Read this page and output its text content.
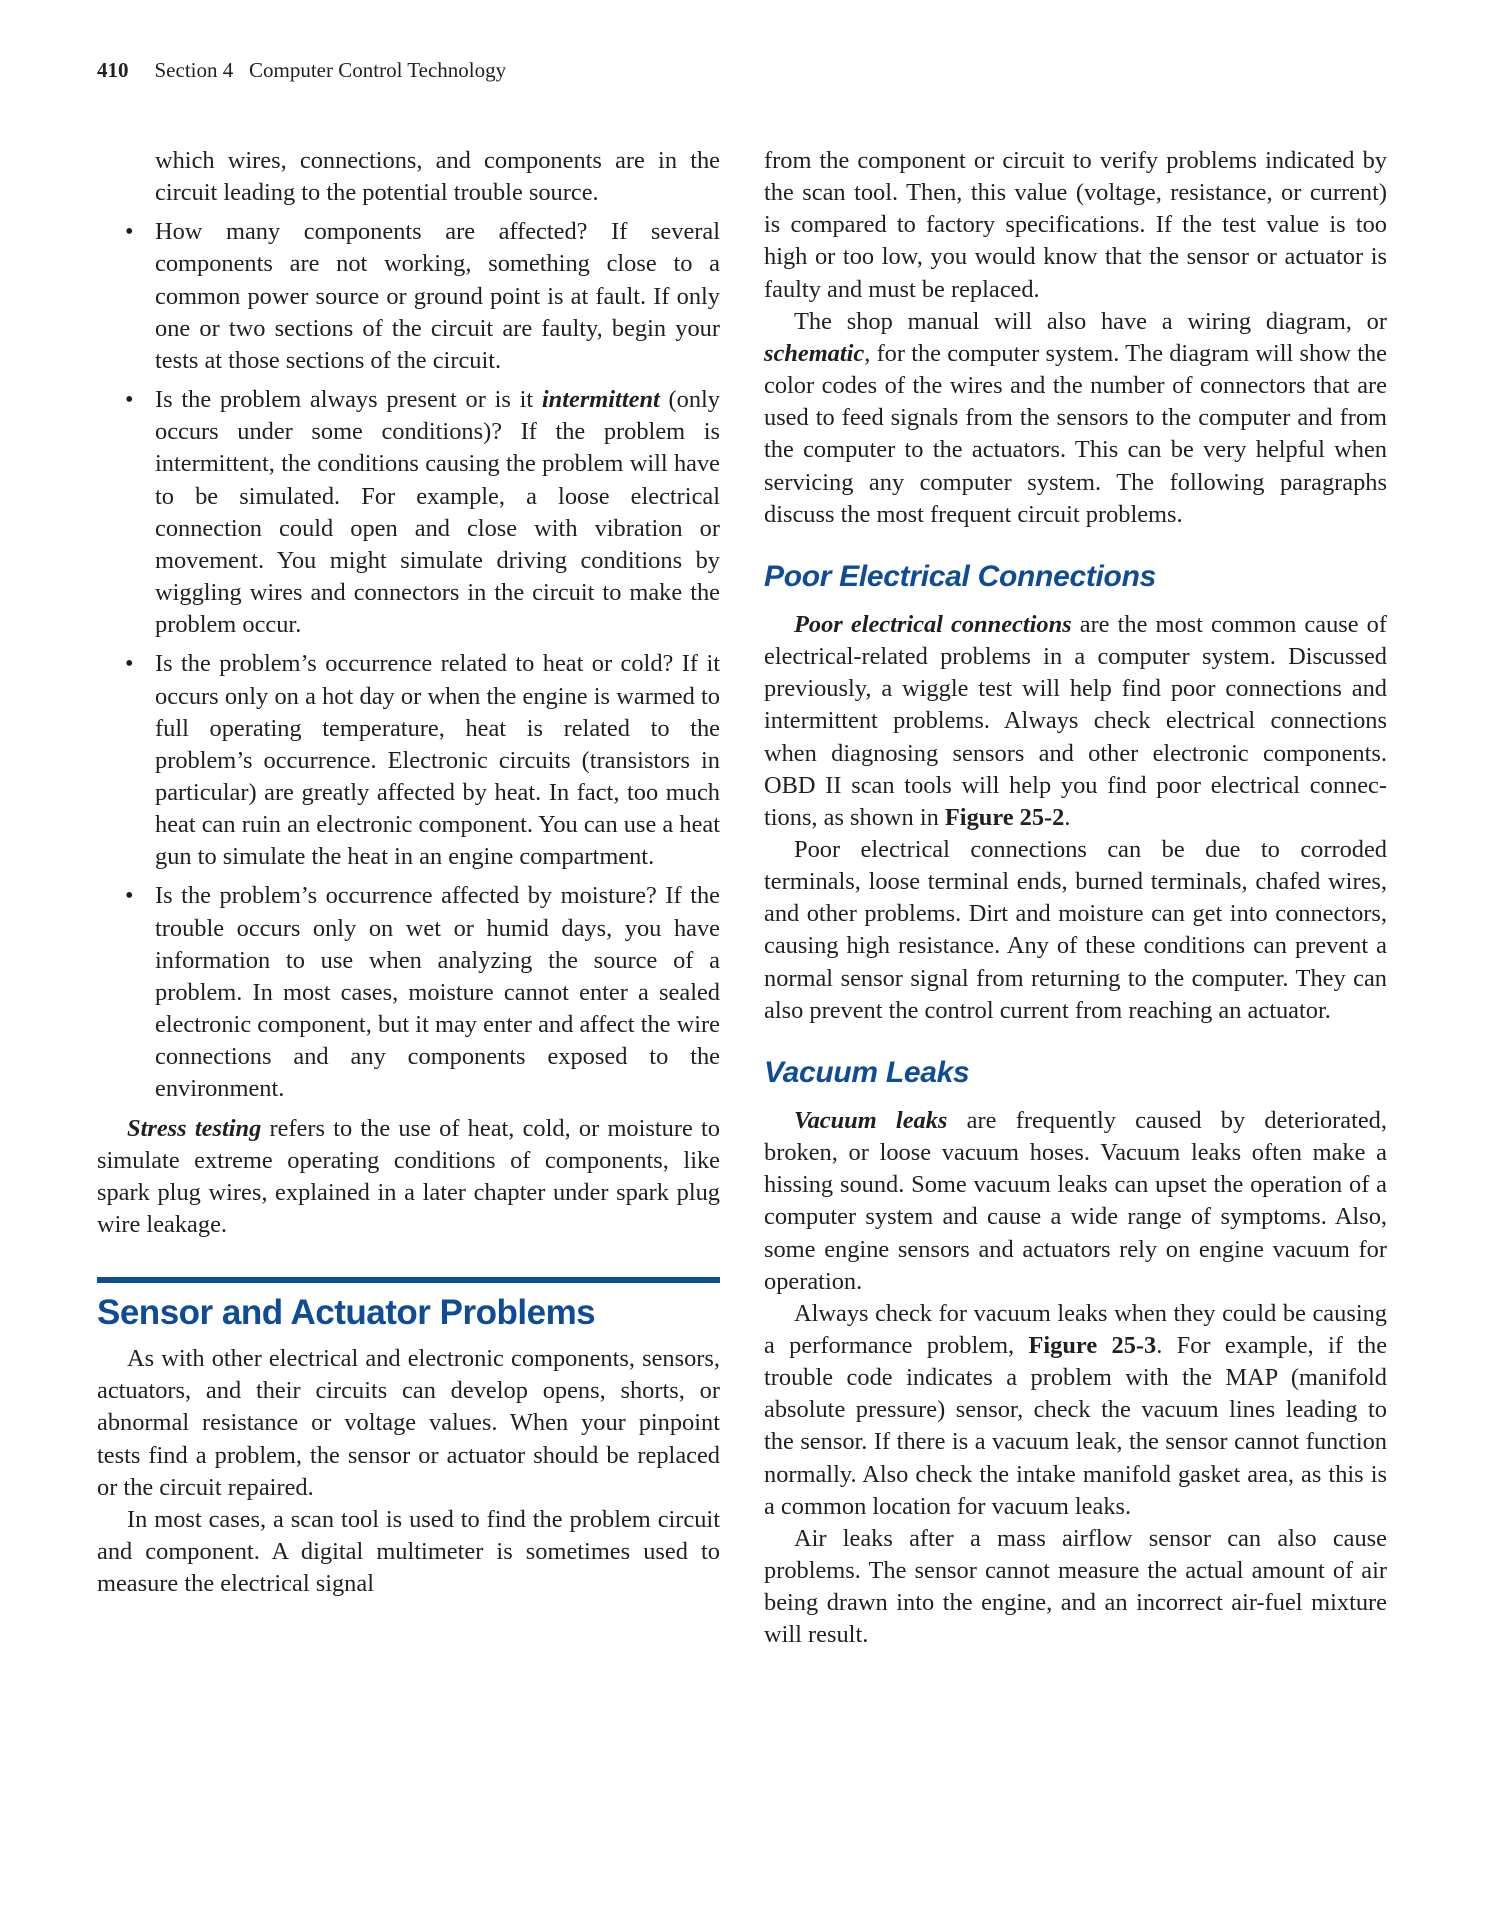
410 Section 4 Computer Control Technology

which wires, connections, and components are in the circuit leading to the potential trouble source.

• How many components are affected? If several components are not working, something close to a common power source or ground point is at fault. If only one or two sections of the circuit are faulty, begin your tests at those sections of the circuit.

• Is the problem always present or is it intermittent (only occurs under some conditions)? If the problem is intermittent, the conditions causing the problem will have to be simulated. For example, a loose electrical connection could open and close with vibration or movement. You might simulate driving conditions by wiggling wires and connectors in the circuit to make the problem occur.

• Is the problem’s occurrence related to heat or cold? If it occurs only on a hot day or when the engine is warmed to full operating temperature, heat is related to the problem’s occurrence. Electronic circuits (transistors in particular) are greatly affected by heat. In fact, too much heat can ruin an electronic component. You can use a heat gun to simulate the heat in an engine compartment.

• Is the problem’s occurrence affected by moisture? If the trouble occurs only on wet or humid days, you have information to use when analyzing the source of a problem. In most cases, moisture cannot enter a sealed electronic component, but it may enter and affect the wire connections and any components exposed to the environment.

Stress testing refers to the use of heat, cold, or moisture to simulate extreme operating conditions of components, like spark plug wires, explained in a later chapter under spark plug wire leakage.

Sensor and Actuator Problems

As with other electrical and electronic components, sensors, actuators, and their circuits can develop opens, shorts, or abnormal resistance or voltage values. When your pinpoint tests find a problem, the sensor or actuator should be replaced or the circuit repaired.

In most cases, a scan tool is used to find the problem circuit and component. A digital multimeter is sometimes used to measure the electrical signal

from the component or circuit to verify problems indicated by the scan tool. Then, this value (voltage, resistance, or current) is compared to factory specifications. If the test value is too high or too low, you would know that the sensor or actuator is faulty and must be replaced.

The shop manual will also have a wiring diagram, or schematic, for the computer system. The diagram will show the color codes of the wires and the number of connectors that are used to feed signals from the sensors to the computer and from the computer to the actuators. This can be very helpful when servicing any computer system. The following paragraphs discuss the most frequent circuit problems.

Poor Electrical Connections

Poor electrical connections are the most common cause of electrical-related problems in a computer system. Discussed previously, a wiggle test will help find poor connections and intermittent problems. Always check electrical connections when diagnosing sensors and other electronic components. OBD II scan tools will help you find poor electrical connections, as shown in Figure 25-2.

Poor electrical connections can be due to corroded terminals, loose terminal ends, burned terminals, chafed wires, and other problems. Dirt and moisture can get into connectors, causing high resistance. Any of these conditions can prevent a normal sensor signal from returning to the computer. They can also prevent the control current from reaching an actuator.

Vacuum Leaks

Vacuum leaks are frequently caused by deteriorated, broken, or loose vacuum hoses. Vacuum leaks often make a hissing sound. Some vacuum leaks can upset the operation of a computer system and cause a wide range of symptoms. Also, some engine sensors and actuators rely on engine vacuum for operation.

Always check for vacuum leaks when they could be causing a performance problem, Figure 25-3. For example, if the trouble code indicates a problem with the MAP (manifold absolute pressure) sensor, check the vacuum lines leading to the sensor. If there is a vacuum leak, the sensor cannot function normally. Also check the intake manifold gasket area, as this is a common location for vacuum leaks.

Air leaks after a mass airflow sensor can also cause problems. The sensor cannot measure the actual amount of air being drawn into the engine, and an incorrect air-fuel mixture will result.
